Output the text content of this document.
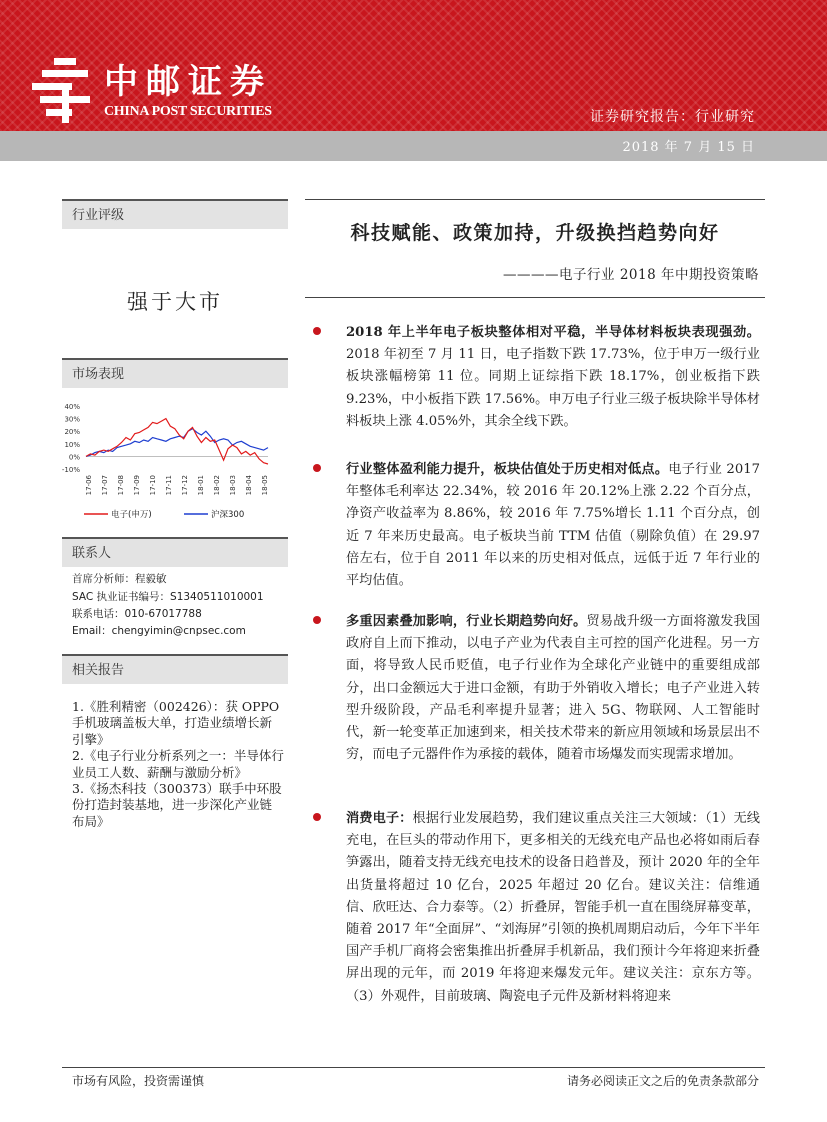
中邮证券
CHINA POST SECURITIES	证券研究报告：行业研究
2018 年 7 月 15 日
行业评级
强于大市
市场表现
40%
30%
20%
10%
0%
-10%
17-06 17-07 17-08 17-09 17-10 17-11 17-12 18-01 18-02 18-03 18-04 18-05
电子(申万)	沪深300
联系人
首席分析师：程毅敏
SAC 执业证书编号：S1340511010001
联系电话：010-67017788
Email：chengyimin@cnpsec.com
相关报告

1.《胜利精密（002426）：获 OPPO 手机玻璃盖板大单，打造业绩增长新引擎》

2.《电子行业分析系列之一：半导体行业员工人数、薪酬与激励分析》

3.《扬杰科技（300373）联手中环股份打造封装基地，进一步深化产业链布局》

科技赋能、政策加持，升级换挡趋势向好
————电子行业 2018 年中期投资策略

2018 年上半年电子板块整体相对平稳，半导体材料板块表现强劲。2018 年初至 7 月 11 日，电子指数下跌 17.73%，位于申万一级行业板块涨幅榜第 11 位。同期上证综指下跌 18.17%，创业板指下跌 9.23%，中小板指下跌 17.56%。申万电子行业三级子板块除半导体材料板块上涨 4.05%外，其余全线下跌。

行业整体盈利能力提升，板块估值处于历史相对低点。电子行业 2017 年整体毛利率达 22.34%，较 2016 年 20.12%上涨 2.22 个百分点，净资产收益率为 8.86%，较 2016 年 7.75%增长 1.11 个百分点，创近 7 年来历史最高。电子板块当前 TTM 估值（剔除负值）在 29.97 倍左右，位于自 2011 年以来的历史相对低点，远低于近 7 年行业的平均估值。

多重因素叠加影响，行业长期趋势向好。贸易战升级一方面将激发我国政府自上而下推动，以电子产业为代表自主可控的国产化进程。另一方面，将导致人民币贬值，电子行业作为全球化产业链中的重要组成部分，出口金额远大于进口金额，有助于外销收入增长；电子产业进入转型升级阶段，产品毛利率提升显著；进入 5G、物联网、人工智能时代，新一轮变革正加速到来，相关技术带来的新应用领域和场景层出不穷，而电子元器件作为承接的载体，随着市场爆发而实现需求增加。

消费电子：根据行业发展趋势，我们建议重点关注三大领域：（1）无线充电，在巨头的带动作用下，更多相关的无线充电产品也必将如雨后春笋露出，随着支持无线充电技术的设备日趋普及，预计 2020 年的全年出货量将超过 10 亿台，2025 年超过 20 亿台。建议关注：信维通信、欣旺达、合力泰等。（2）折叠屏，智能手机一直在围绕屏幕变革，随着 2017 年“全面屏”、“刘海屏”引领的换机周期启动后，今年下半年国产手机厂商将会密集推出折叠屏手机新品，我们预计今年将迎来折叠屏出现的元年，而 2019 年将迎来爆发元年。建议关注：京东方等。（3）外观件，目前玻璃、陶瓷电子元件及新材料将迎来

市场有风险，投资需谨慎	请务必阅读正文之后的免责条款部分
